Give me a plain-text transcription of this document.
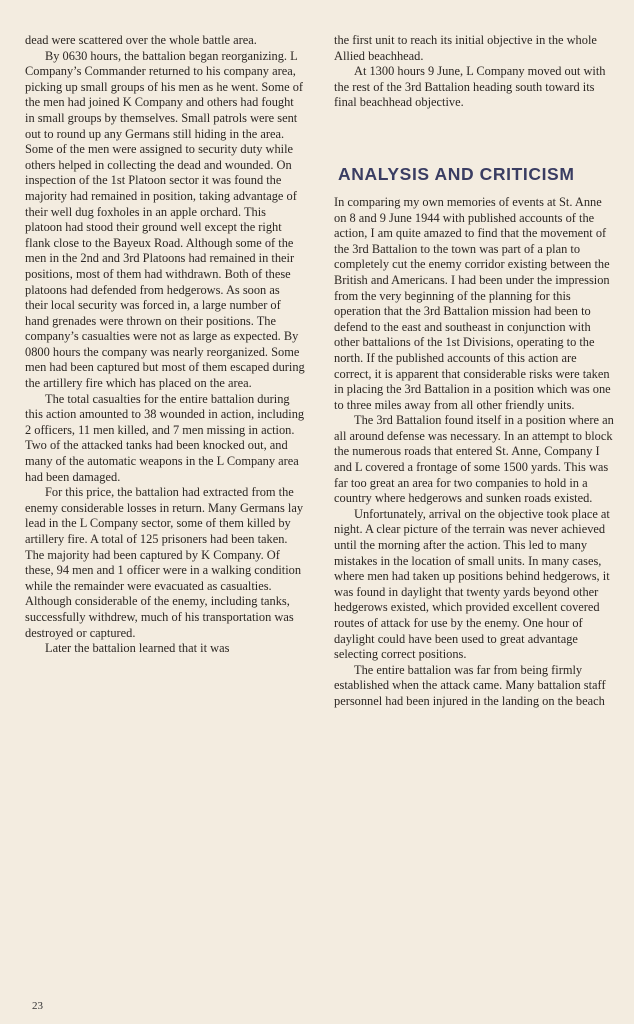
dead were scattered over the whole battle area.

By 0630 hours, the battalion began reorganizing. L Company’s Commander returned to his company area, picking up small groups of his men as he went. Some of the men had joined K Company and others had fought in small groups by themselves. Small patrols were sent out to round up any Germans still hiding in the area. Some of the men were assigned to security duty while others helped in collecting the dead and wounded. On inspection of the 1st Platoon sector it was found the majority had remained in position, taking advantage of their well dug foxholes in an apple orchard. This platoon had stood their ground well except the right flank close to the Bayeux Road. Although some of the men in the 2nd and 3rd Platoons had remained in their positions, most of them had withdrawn. Both of these platoons had defended from hedgerows. As soon as their local security was forced in, a large number of hand grenades were thrown on their positions. The company’s casualties were not as large as expected. By 0800 hours the company was nearly reorganized. Some men had been captured but most of them escaped during the artillery fire which has placed on the area.

The total casualties for the entire battalion during this action amounted to 38 wounded in action, including 2 officers, 11 men killed, and 7 men missing in action. Two of the attacked tanks had been knocked out, and many of the automatic weapons in the L Company area had been damaged.

For this price, the battalion had extracted from the enemy considerable losses in return. Many Germans lay lead in the L Company sector, some of them killed by artillery fire. A total of 125 prisoners had been taken. The majority had been captured by K Company. Of these, 94 men and 1 officer were in a walking condition while the remainder were evacuated as casualties. Although considerable of the enemy, including tanks, successfully withdrew, much of his transportation was destroyed or captured.

Later the battalion learned that it was

the first unit to reach its initial objective in the whole Allied beachhead.

At 1300 hours 9 June, L Company moved out with the rest of the 3rd Battalion heading south toward its final beachhead objective.

ANALYSIS AND CRITICISM

In comparing my own memories of events at St. Anne on 8 and 9 June 1944 with published accounts of the action, I am quite amazed to find that the movement of the 3rd Battalion to the town was part of a plan to completely cut the enemy corridor existing between the British and Americans. I had been under the impression from the very beginning of the planning for this operation that the 3rd Battalion mission had been to defend to the east and southeast in conjunction with other battalions of the 1st Divisions, operating to the north. If the published accounts of this action are correct, it is apparent that considerable risks were taken in placing the 3rd Battalion in a position which was one to three miles away from all other friendly units.

The 3rd Battalion found itself in a position where an all around defense was necessary. In an attempt to block the numerous roads that entered St. Anne, Company I and L covered a frontage of some 1500 yards. This was far too great an area for two companies to hold in a country where hedgerows and sunken roads existed.

Unfortunately, arrival on the objective took place at night. A clear picture of the terrain was never achieved until the morning after the action. This led to many mistakes in the location of small units. In many cases, where men had taken up positions behind hedgerows, it was found in daylight that twenty yards beyond other hedgerows existed, which provided excellent covered routes of attack for use by the enemy. One hour of daylight could have been used to great advantage selecting correct positions.

The entire battalion was far from being firmly established when the attack came. Many battalion staff personnel had been injured in the landing on the beach

23
